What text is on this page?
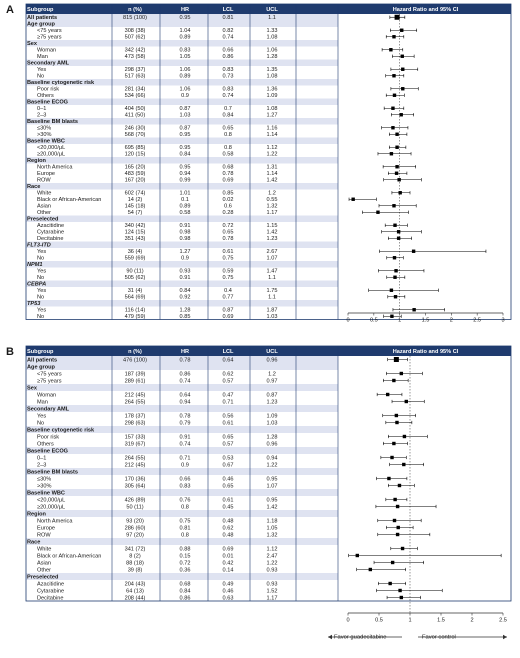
A Subgroup	n (%)	HR	LCL	UCL	Hazard Ratio and 95% CI
All patients	815 (100)	0.95	0.81	1.1
Age group
<75 years	308 (38)	1.04	0.82	1.33
≥75 years	507 (62)	0.89	0.74	1.08
Sex
Woman	342 (42)	0.83	0.66	1.06
Man	473 (58)	1.05	0.86	1.28
Secondary AML
Yes	298 (37)	1.06	0.83	1.35
No	517 (63)	0.89	0.73	1.08
Baseline cytogenetic risk
Poor risk	281 (34)	1.06	0.83	1.36
Others	534 (66)	0.9	0.74	1.09
Baseline ECOG
0–1	404 (50)	0.87	0.7	1.08
2–3	411 (50)	1.03	0.84	1.27
Baseline BM blasts
≤30%	246 (30)	0.87	0.65	1.16
>30%	568 (70)	0.95	0.8	1.14
Baseline WBC
<20,000/μL	695 (85)	0.95	0.8	1.12
≥20,000/μL	120 (15)	0.84	0.58	1.22
Region
North America	165 (20)	0.95	0.68	1.31
Europe	483 (59)	0.94	0.78	1.14
ROW	167 (20)	0.99	0.69	1.42
Race
White	602 (74)	1.01	0.85	1.2
Black or African-American	14 (2)	0.1	0.02	0.55
Asian	145 (18)	0.89	0.6	1.32
Other	54 (7)	0.58	0.28	1.17
Preselected
Azacitidine	340 (42)	0.91	0.72	1.15
Cytarabine	124 (15)	0.98	0.65	1.42
Decitabine	351 (43)	0.98	0.78	1.23
FLT3-ITD
Yes	36 (4)	1.27	0.61	2.67
No	559 (69)	0.9	0.75	1.07
NPM1
Yes	90 (11)	0.93	0.59	1.47
No	505 (62)	0.91	0.75	1.1
CEBPA
Yes	31 (4)	0.84	0.4	1.75
No	564 (69)	0.92	0.77	1.1
TP53
Yes	116 (14)	1.28	0.87	1.87
No	479 (59)	0.85	0.69	1.03
0	0.5	1	1.5	2	2.5	3
B Subgroup	n (%)	HR	LCL	UCL	Hazard Ratio and 95% CI
All patients	476 (100)	0.78	0.64	0.96
Age group
<75 years	187 (39)	0.86	0.62	1.2
≥75 years	289 (61)	0.74	0.57	0.97
Sex
Woman	212 (45)	0.64	0.47	0.87
Man	264 (55)	0.94	0.71	1.23
Secondary AML
Yes	178 (37)	0.78	0.56	1.09
No	298 (63)	0.79	0.61	1.03
Baseline cytogenetic risk
Poor risk	157 (33)	0.91	0.65	1.28
Others	319 (67)	0.74	0.57	0.96
Baseline ECOG
0–1	264 (55)	0.71	0.53	0.94
2–3	212 (45)	0.9	0.67	1.22
Baseline BM blasts
≤30%	170 (36)	0.66	0.46	0.95
>30%	305 (64)	0.83	0.65	1.07
Baseline WBC
<20,000/μL	426 (89)	0.76	0.61	0.95
≥20,000/μL	50 (11)	0.8	0.45	1.42
Region
North America	93 (20)	0.75	0.48	1.18
Europe	286 (60)	0.81	0.62	1.05
ROW	97 (20)	0.8	0.48	1.32
Race
White	341 (72)	0.88	0.69	1.12
Black or African-American	8 (2)	0.15	0.01	2.47
Asian	88 (18)	0.72	0.42	1.22
Other	39 (8)	0.36	0.14	0.93
Preselected
Azacitidine	204 (43)	0.68	0.49	0.93
Cytarabine	64 (13)	0.84	0.46	1.52
Decitabine	208 (44)	0.86	0.63	1.17
0	0.5	1	1.5	2	2.5
Favor guadecitabine	Favor control
